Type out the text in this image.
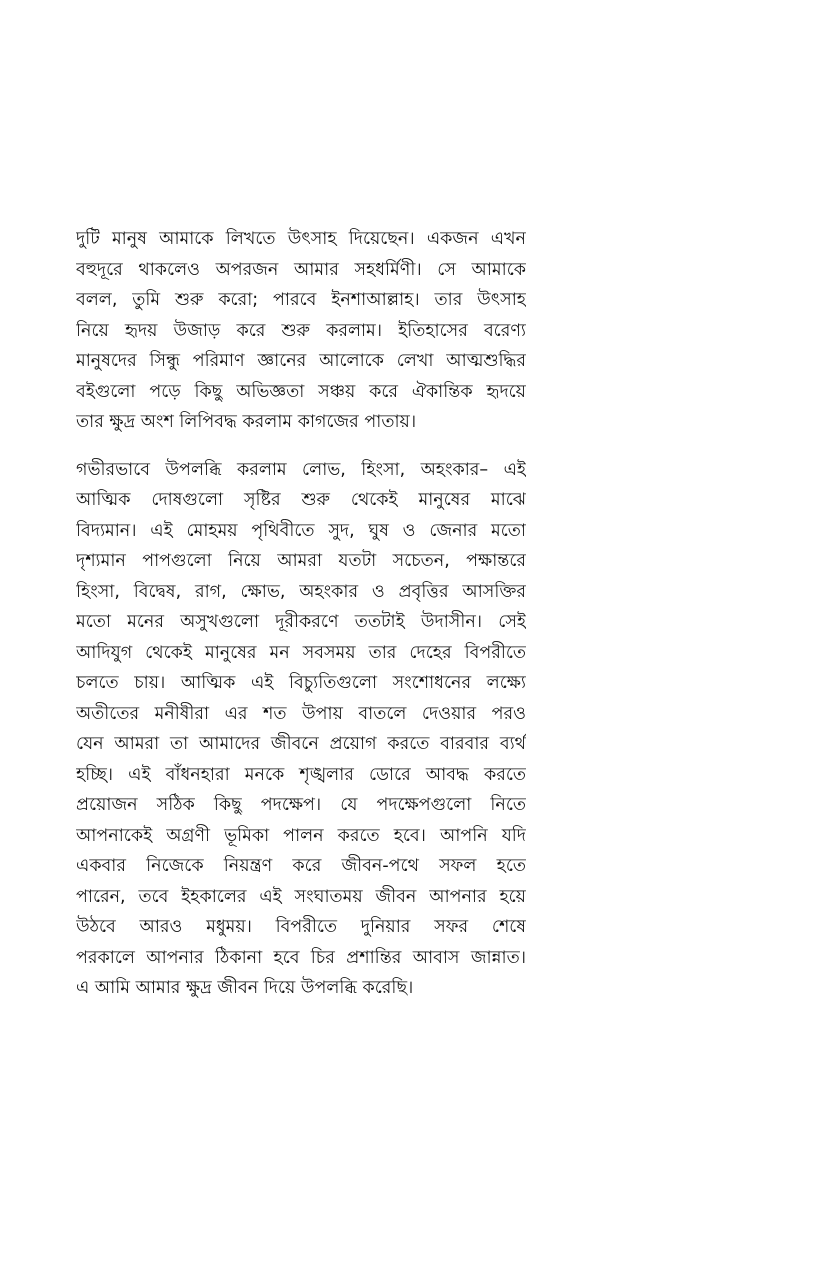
দুটি মানুষ আমাকে লিখতে উৎসাহ দিয়েছেন। একজন এখন
বহুদূরে থাকলেও অপরজন আমার সহধর্মিণী। সে আমাকে
বলল, তুমি শুরু করো; পারবে ইনশাআল্লাহ। তার উৎসাহ
নিয়ে হৃদয় উজাড় করে শুরু করলাম। ইতিহাসের বরেণ্য
মানুষদের সিন্ধু পরিমাণ জ্ঞানের আলোকে লেখা আত্মশুদ্ধির
বইগুলো পড়ে কিছু অভিজ্ঞতা সঞ্চয় করে ঐকান্তিক হৃদয়ে
তার ক্ষুদ্র অংশ লিপিবদ্ধ করলাম কাগজের পাতায়।

গভীরভাবে উপলব্ধি করলাম লোভ, হিংসা, অহংকার– এই
আত্মিক দোষগুলো সৃষ্টির শুরু থেকেই মানুষের মাঝে
বিদ্যমান। এই মোহময় পৃথিবীতে সুদ, ঘুষ ও জেনার মতো
দৃশ্যমান পাপগুলো নিয়ে আমরা যতটা সচেতন, পক্ষান্তরে
হিংসা, বিদ্বেষ, রাগ, ক্ষোভ, অহংকার ও প্রবৃত্তির আসক্তির
মতো মনের অসুখগুলো দূরীকরণে ততটাই উদাসীন। সেই
আদিযুগ থেকেই মানুষের মন সবসময় তার দেহের বিপরীতে
চলতে চায়। আত্মিক এই বিচ্যুতিগুলো সংশোধনের লক্ষ্যে
অতীতের মনীষীরা এর শত উপায় বাতলে দেওয়ার পরও
যেন আমরা তা আমাদের জীবনে প্রয়োগ করতে বারবার ব্যর্থ
হচ্ছি। এই বাঁধনহারা মনকে শৃঙ্খলার ডোরে আবদ্ধ করতে
প্রয়োজন সঠিক কিছু পদক্ষেপ। যে পদক্ষেপগুলো নিতে
আপনাকেই অগ্রণী ভূমিকা পালন করতে হবে। আপনি যদি
একবার নিজেকে নিয়ন্ত্রণ করে জীবন-পথে সফল হতে
পারেন, তবে ইহকালের এই সংঘাতময় জীবন আপনার হয়ে
উঠবে আরও মধুময়। বিপরীতে দুনিয়ার সফর শেষে
পরকালে আপনার ঠিকানা হবে চির প্রশান্তির আবাস জান্নাত।
এ আমি আমার ক্ষুদ্র জীবন দিয়ে উপলব্ধি করেছি।
